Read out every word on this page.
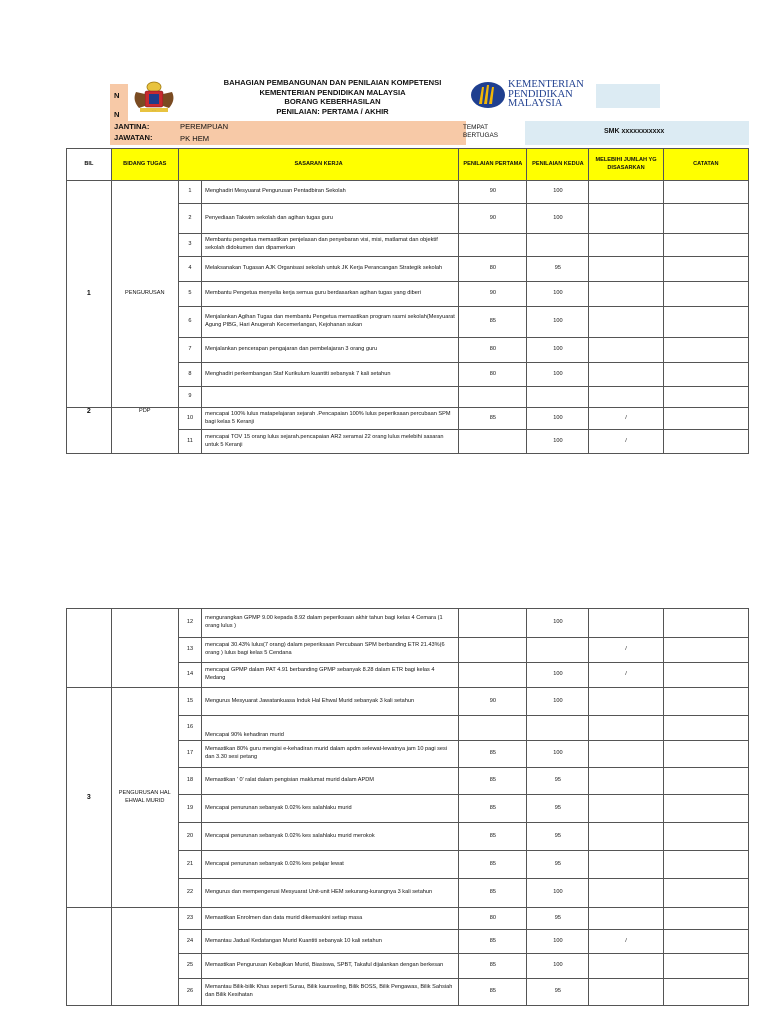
N
N	· · ·
BAHAGIAN PEMBANGUNAN DAN PENILAIAN KOMPETENSI
KEMENTERIAN PENDIDIKAN MALAYSIA
BORANG KEBERHASILAN
PENILAIAN: PERTAMA / AKHIR
KEMENTERIAN
PENDIDIKAN
MALAYSIA
JANTINA:	PEREMPUAN
JAWATAN:	PK HEM
TEMPAT BERTUGAS
SMK xxxxxxxxxxx
BIL	BIDANG TUGAS	SASARAN KERJA		PENILAIAN PERTAMA	PENILAIAN KEDUA	MELEBIHI JUMLAH YG DISASARKAN	CATATAN
1	PENGURUSAN	1	Menghadiri Mesyuarat Pengurusan Pentadbiran Sekolah	90	100		
		2	Penyediaan Takwim sekolah dan agihan tugas guru	90	100		
		3	Membantu pengetua memastikan penjelasan dan penyebaran visi, misi, matlamat dan objektif sekolah didokumen dan dipamerkan				
		4	Melaksanakan Tugasan AJK Organisasi sekolah untuk JK Kerja Perancangan Strategik sekolah	80	95		
		5	Membantu Pengetua menyelia kerja semua guru berdasarkan agihan tugas yang diberi	90	100		
		6	Menjalankan Agihan Tugas dan membantu Pengetua memastikan program rasmi sekolah(Mesyuarat Agung PIBG, Hari Anugerah Kecemerlangan, Kejohanan sukan	85	100		
		7	Menjalankan pencerapan pengajaran dan pembelajaran 3 orang guru	80	100		
		8	Menghadiri perkembangan Staf Kurikulum kuantiti sebanyak 7 kali setahun	80	100		
		9					
2	PDP	10	mencapai 100% lulus matapelajaran sejarah .Pencapaian 100% lulus peperiksaan percubaan SPM bagi kelas 5 Keranji	85	100	/	
		11	mencapai TOV 15 orang lulus sejarah.pencapaian AR2 seramai 22 orang lulus melebihi sasaran untuk 5 Keranji		100	/	
		12	mengurangkan GPMP 9.00 kepada 8.92 dalam peperiksaan akhir tahun bagi kelas 4 Cemara (1 orang lulus )		100		
		13	mencapai 30.43% lulus(7 orang) dalam peperiksaan Percubaan SPM berbanding ETR 21.43%(6 orang ) lulus bagi kelas 5 Cendana			/	
		14	mencapai GPMP dalam PAT 4.91 berbanding GPMP sebanyak 8.28 dalam ETR bagi kelas 4 Medang		100	/	
3	PENGURUSAN HAL EHWAL MURID	15	Mengurus Mesyuarat Jawatankuasa Induk Hal Ehwal Murid sebanyak 3 kali setahun	90	100		
		16	Mencapai 90% kehadiran murid				
		17	Memastikan 80% guru mengisi e-kehadiran murid dalam apdm selewat-lewatnya jam 10 pagi sesi dan 3.30 sesi petang	85	100		
		18	Memastikan ' 0' ralat dalam pengisian maklumat murid dalam APDM	85	95		
		19	Mencapai penurunan sebanyak 0.02% kes salahlaku murid	85	95		
		20	Mencapai penurunan sebanyak 0.02% kes salahlaku murid merokok	85	95		
		21	Mencapai penurunan sebanyak 0.02% kes pelajar lewat	85	95		
		22	Mengurus dan mempengerusi Mesyuarat Unit-unit HEM sekurang-kurangnya 3 kali setahun	85	100		
		23	Memastikan Enrolmen dan data murid dikemaskini setiap masa	80	95		
		24	Memantau Jadual Kedatangan Murid Kuantiti sebanyak 10 kali setahun	85	100	/	
		25	Memastikan Pengurusan Kebajikan Murid, Biasiswa, SPBT, Takaful dijalankan dengan berkesan	85	100		
		26	Memantau Bilik-bilik Khas seperti Surau, Bilik kaunseling, Bilik BOSS, Bilik Pengawas, Bilik Sahsiah dan Bilik Kesihatan	85	95		
